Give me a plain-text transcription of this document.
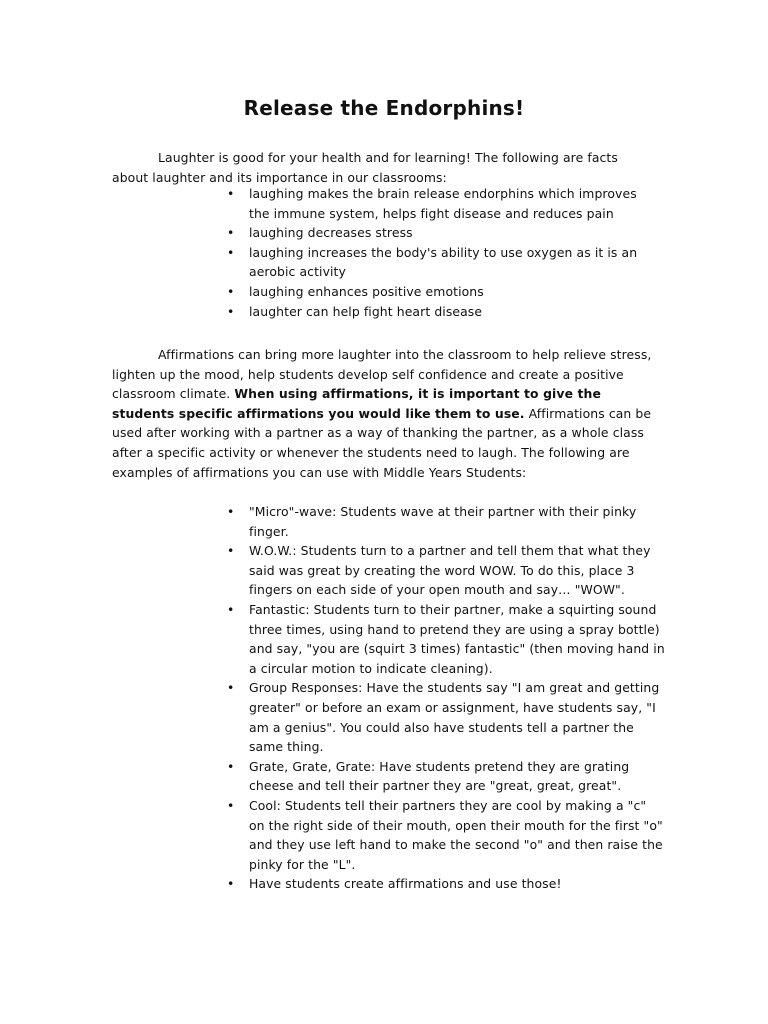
Release the Endorphins!

Laughter is good for your health and for learning! The following are facts about laughter and its importance in our classrooms:

•	laughing makes the brain release endorphins which improves the immune system, helps fight disease and reduces pain
•	laughing decreases stress
•	laughing increases the body's ability to use oxygen as it is an aerobic activity
•	laughing enhances positive emotions
•	laughter can help fight heart disease

Affirmations can bring more laughter into the classroom to help relieve stress, lighten up the mood, help students develop self confidence and create a positive classroom climate. When using affirmations, it is important to give the students specific affirmations you would like them to use. Affirmations can be used after working with a partner as a way of thanking the partner, as a whole class after a specific activity or whenever the students need to laugh. The following are examples of affirmations you can use with Middle Years Students:

•	"Micro"-wave: Students wave at their partner with their pinky finger.
•	W.O.W.: Students turn to a partner and tell them that what they said was great by creating the word WOW. To do this, place 3 fingers on each side of your open mouth and say… "WOW".
•	Fantastic: Students turn to their partner, make a squirting sound three times, using hand to pretend they are using a spray bottle) and say, "you are (squirt 3 times) fantastic" (then moving hand in a circular motion to indicate cleaning).
•	Group Responses: Have the students say "I am great and getting greater" or before an exam or assignment, have students say, "I am a genius". You could also have students tell a partner the same thing.
•	Grate, Grate, Grate: Have students pretend they are grating cheese and tell their partner they are "great, great, great".
•	Cool: Students tell their partners they are cool by making a "c" on the right side of their mouth, open their mouth for the first "o" and they use left hand to make the second "o" and then raise the pinky for the "L".
•	Have students create affirmations and use those!
